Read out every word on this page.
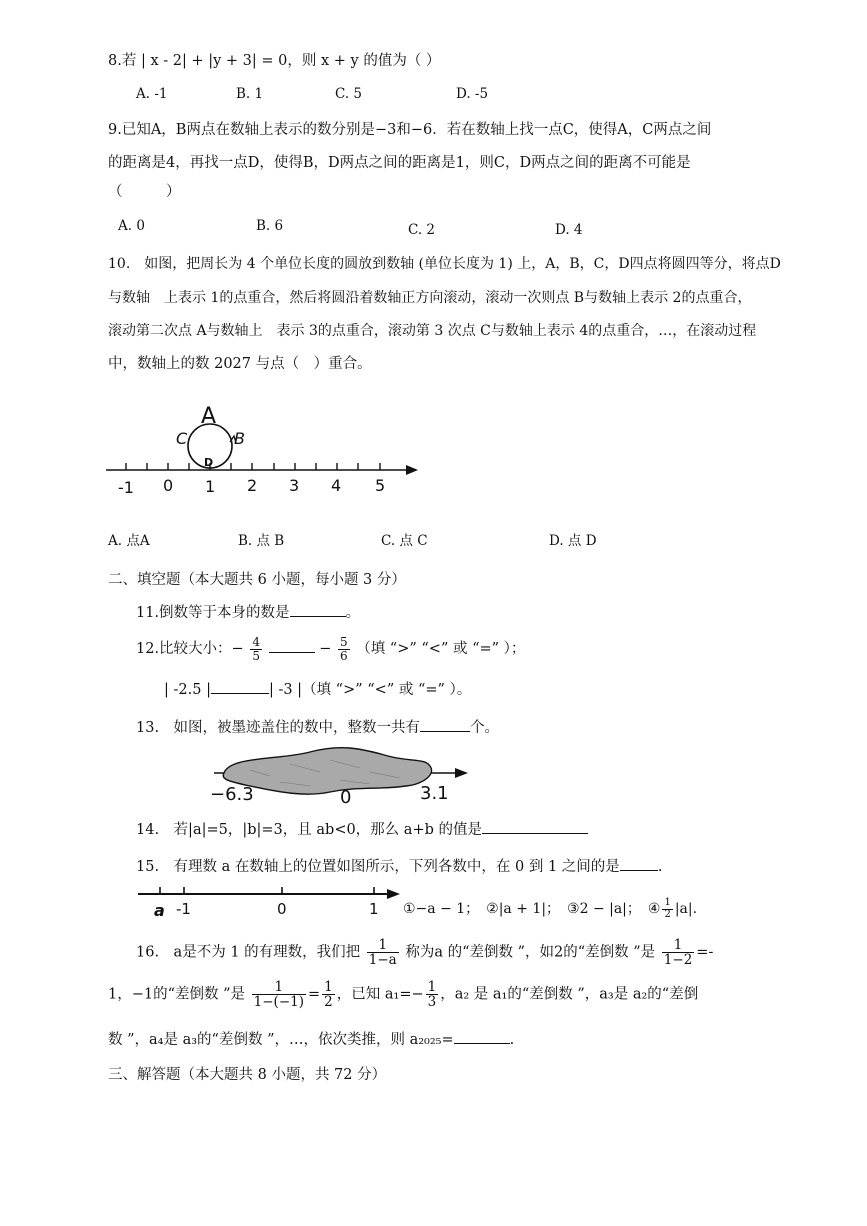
8.若 | x - 2| + |y + 3| = 0，则 x + y 的值为（ ）
A. -1	B. 1	C. 5	D. -5
9.已知A，B两点在数轴上表示的数分别是−3和−6．若在数轴上找一点C，使得A，C两点之间
的距离是4，再找一点D，使得B，D两点之间的距离是1，则C，D两点之间的距离不可能是
（　　　）
A. 0	B. 6	C. 2	D. 4
10.　如图，把周长为 4 个单位长度的圆放到数轴 (单位长度为 1) 上，A，B，C，D四点将圆四等分，将点D
与数轴　上表示 1的点重合，然后将圆沿着数轴正方向滚动，滚动一次则点 B与数轴上表示 2的点重合，
滚动第二次点 A与数轴上　表示 3的点重合，滚动第 3 次点 C与数轴上表示 4的点重合，…，在滚动过程
中，数轴上的数 2027 与点（　）重合。
A
B
C
D
-1 0 1 2 3 4 5
A. 点A	B. 点 B	C. 点 C	D. 点 D
二、填空题（本大题共 6 小题，每小题 3 分）
11.倒数等于本身的数是	。
12.比较大小：− $\frac{4}{5}$	− $\frac{5}{6}$ （填 “>” “<” 或 “=” ）；
| -2.5 |	| -3 |（填 “>” “<” 或 “=” ）。
13.　如图，被墨迹盖住的数中，整数一共有	个。
−6.3	0	3.1
14.　若|a|=5，|b|=3，且 ab<0，那么 a+b 的值是
15.　有理数 a 在数轴上的位置如图所示，下列各数中，在 0 到 1 之间的是	.
a -1	0	1 ①−a − 1；　②|a + 1|；　③2 − |a|；　④ $\frac{1}{2} |a|$.
16.　a是不为 1 的有理数，我们把 $\frac{1}{1-a}$ 称为a 的“差倒数 ”，如2的“差倒数 ”是 $\frac{1}{1-2}$ =-
1，−1的“差倒数 ”是 $\frac{1}{1-(-1)} = \frac{1}{2}$ ，已知 $a_1=- \frac{1}{3}$ ，a₂ 是 a₁的“差倒数 ”，a₃是 a₂的“差倒
数 ”，a₄是 a₃的“差倒数 ”，…，依次类推，则 a₂₀₂₅=	.
三、解答题（本大题共 8 小题，共 72 分）
